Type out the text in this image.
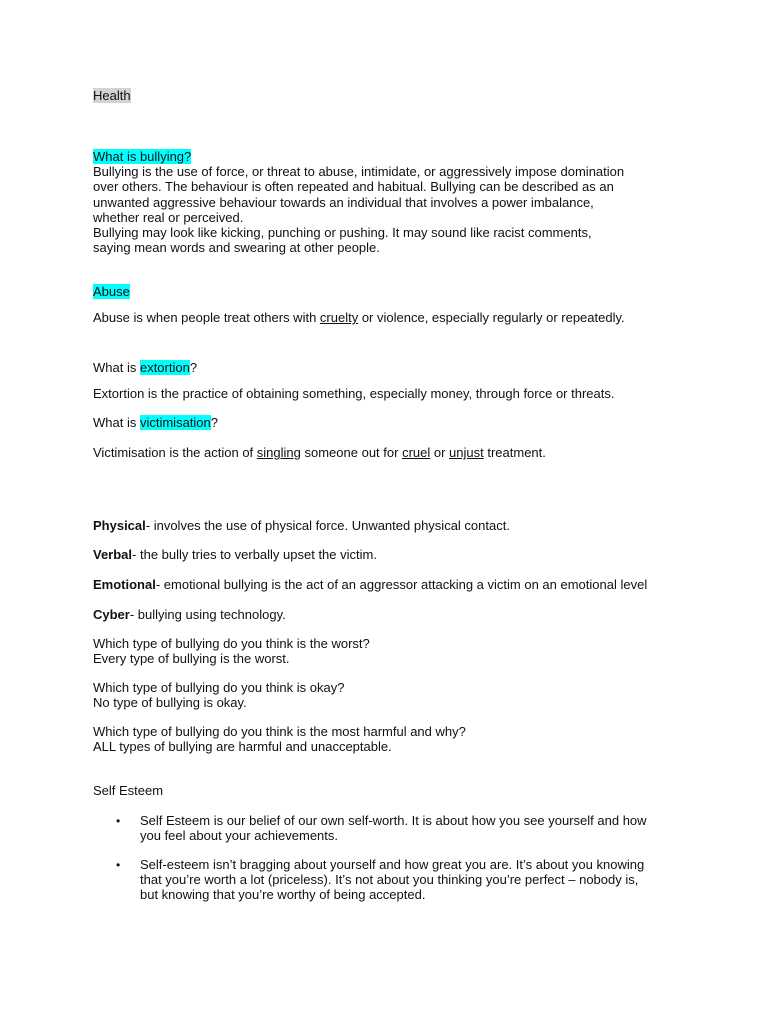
Health
What is bullying?
Bullying is the use of force, or threat to abuse, intimidate, or aggressively impose domination
over others. The behaviour is often repeated and habitual. Bullying can be described as an
unwanted aggressive behaviour towards an individual that involves a power imbalance,
whether real or perceived.
Bullying may look like kicking, punching or pushing. It may sound like racist comments,
saying mean words and swearing at other people.
Abuse
Abuse is when people treat others with cruelty or violence, especially regularly or repeatedly.
What is extortion?
Extortion is the practice of obtaining something, especially money, through force or threats.
What is victimisation?
Victimisation is the action of singling someone out for cruel or unjust treatment.
Physical- involves the use of physical force. Unwanted physical contact.
Verbal- the bully tries to verbally upset the victim.
Emotional- emotional bullying is the act of an aggressor attacking a victim on an emotional level
Cyber- bullying using technology.
Which type of bullying do you think is the worst?
Every type of bullying is the worst.
Which type of bullying do you think is okay?
No type of bullying is okay.
Which type of bullying do you think is the most harmful and why?
ALL types of bullying are harmful and unacceptable.
Self Esteem
• Self Esteem is our belief of our own self-worth. It is about how you see yourself and how
you feel about your achievements.
• Self-esteem isn’t bragging about yourself and how great you are. It’s about you knowing
that you’re worth a lot (priceless). It’s not about you thinking you’re perfect – nobody is,
but knowing that you’re worthy of being accepted.
